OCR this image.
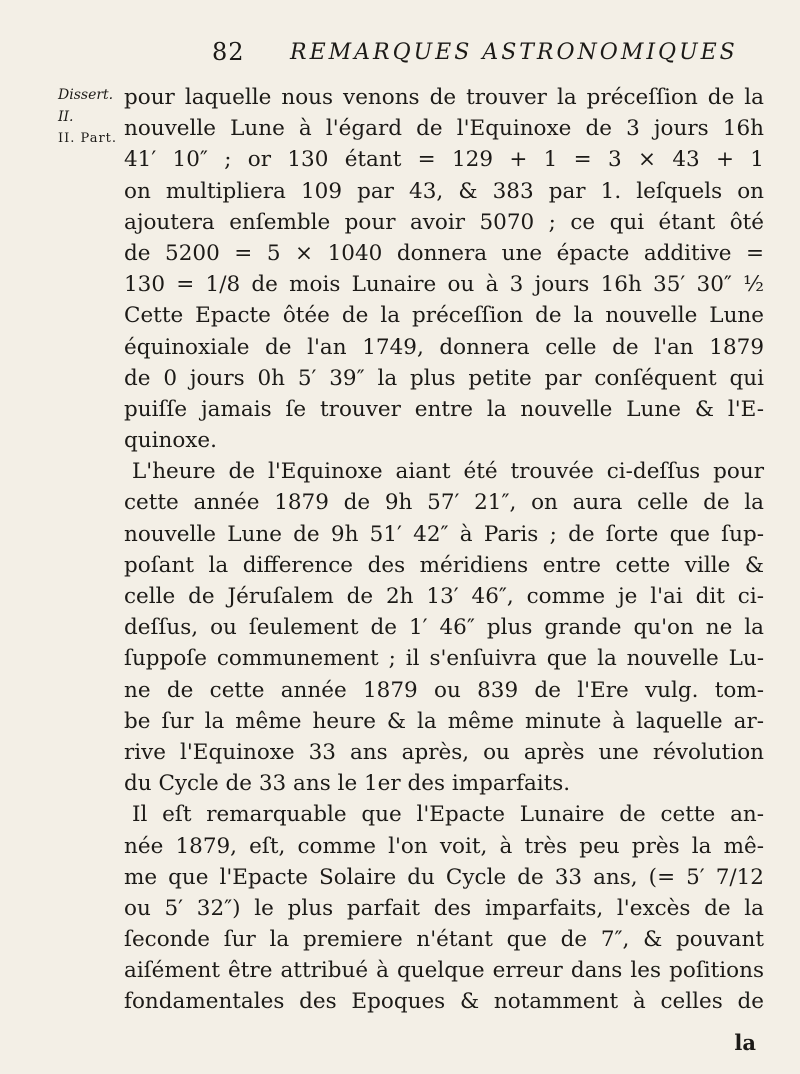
82 REMARQUES ASTRONOMIQUES
Dissert. II.
II. Part.
pour laquelle nous venons de trouver la préceſſion de la
nouvelle Lune à l'égard de l'Equinoxe de 3 jours 16h
41′ 10″ ; or 130 étant = 129 + 1 = 3 × 43 + 1
on multipliera 109 par 43, & 383 par 1. leſquels on
ajoutera enſemble pour avoir 5070 ; ce qui étant ôté
de 5200 = 5 × 1040 donnera une épacte additive =
130 = 1/8 de mois Lunaire ou à 3 jours 16h 35′ 30″ ½
Cette Epacte ôtée de la préceſſion de la nouvelle Lune
équinoxiale de l'an 1749, donnera celle de l'an 1879
de 0 jours 0h 5′ 39″ la plus petite par conſéquent qui
puiſſe jamais ſe trouver entre la nouvelle Lune & l'E-
quinoxe.
L'heure de l'Equinoxe aiant été trouvée ci-deſſus pour
cette année 1879 de 9h 57′ 21″, on aura celle de la
nouvelle Lune de 9h 51′ 42″ à Paris ; de ſorte que ſup-
poſant la difference des méridiens entre cette ville &
celle de Jéruſalem de 2h 13′ 46″, comme je l'ai dit ci-
deſſus, ou ſeulement de 1′ 46″ plus grande qu'on ne la
ſuppoſe communement ; il s'enſuivra que la nouvelle Lu-
ne de cette année 1879 ou 839 de l'Ere vulg. tom-
be ſur la même heure & la même minute à laquelle ar-
rive l'Equinoxe 33 ans après, ou après une révolution
du Cycle de 33 ans le 1er des imparfaits.
Il eſt remarquable que l'Epacte Lunaire de cette an-
née 1879, eſt, comme l'on voit, à très peu près la mê-
me que l'Epacte Solaire du Cycle de 33 ans, (= 5′ 7/12
ou 5′ 32″) le plus parfait des imparfaits, l'excès de la
ſeconde ſur la premiere n'étant que de 7″, & pouvant
aiſément être attribué à quelque erreur dans les poſitions
fondamentales des Epoques & notamment à celles de
la
